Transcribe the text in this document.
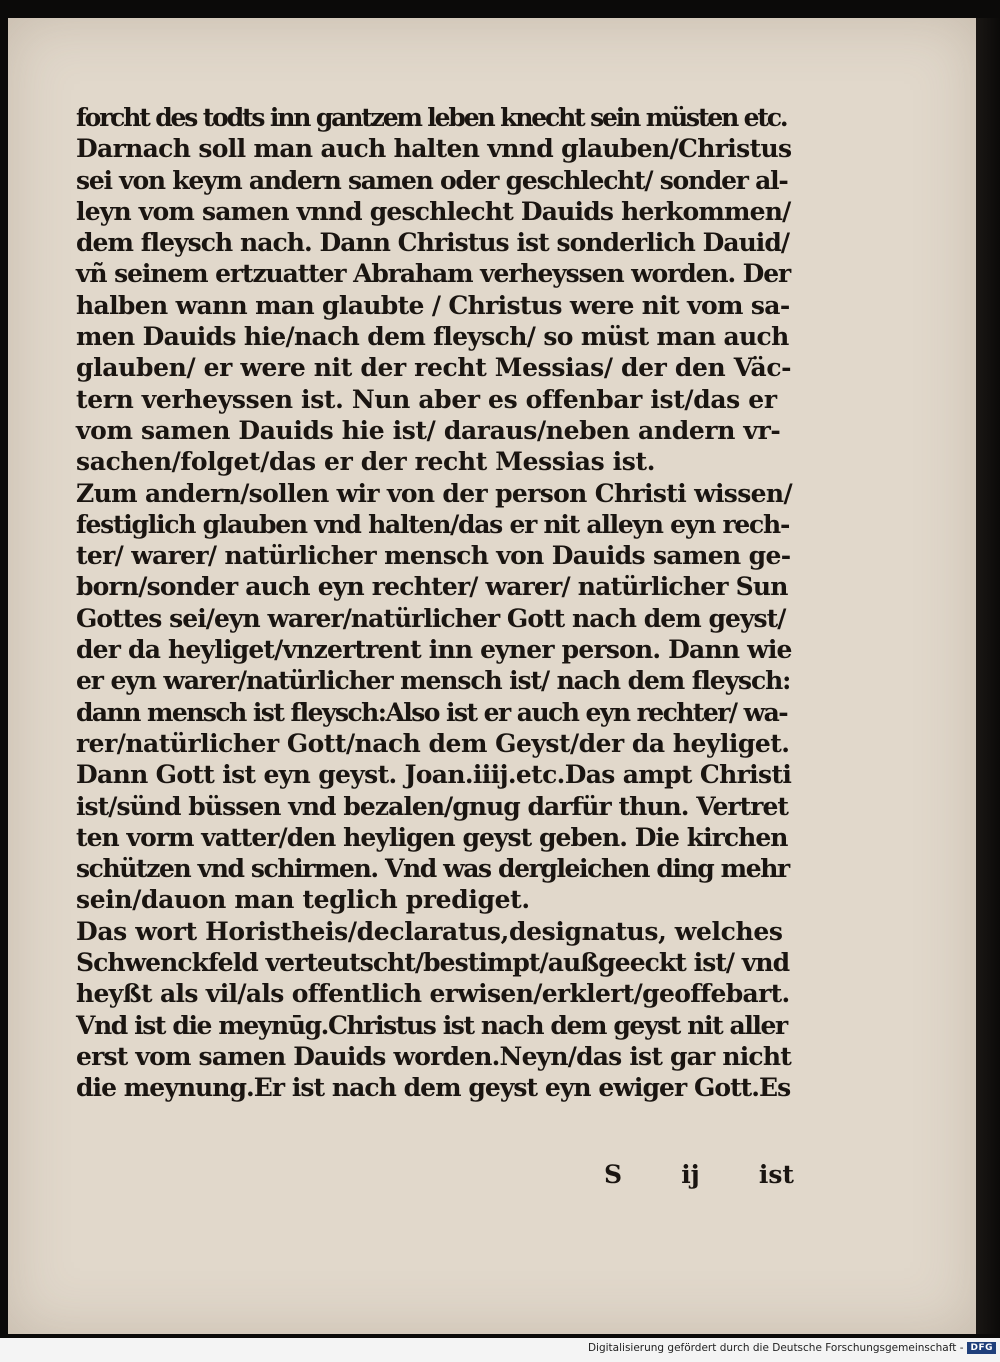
forcht des todts inn gantzem leben knecht sein müsten etc.
Darnach soll man auch halten vnnd glauben/Christus
sei von keym andern samen oder geschlecht/ sonder al-
leyn vom samen vnnd geschlecht Dauids herkommen/
dem fleysch nach. Dann Christus ist sonderlich Dauid/
vñ seinem ertzuatter Abraham verheyssen worden. Der
halben wann man glaubte / Christus were nit vom sa-
men Dauids hie/nach dem fleysch/ so müst man auch
glauben/ er were nit der recht Messias/ der den Väc-
tern verheyssen ist. Nun aber es offenbar ist/das er
vom samen Dauids hie ist/ daraus/neben andern vr-
sachen/folget/das er der recht Messias ist.
Zum andern/sollen wir von der person Christi wissen/
festiglich glauben vnd halten/das er nit alleyn eyn rech-
ter/ warer/ natürlicher mensch von Dauids samen ge-
born/sonder auch eyn rechter/ warer/ natürlicher Sun
Gottes sei/eyn warer/natürlicher Gott nach dem geyst/
der da heyliget/vnzertrent inn eyner person. Dann wie
er eyn warer/natürlicher mensch ist/ nach dem fleysch:
dann mensch ist fleysch:Also ist er auch eyn rechter/ wa-
rer/natürlicher Gott/nach dem Geyst/der da heyliget.
Dann Gott ist eyn geyst. Joan.iiij.etc.Das ampt Christi
ist/sünd büssen vnd bezalen/gnug darfür thun. Vertret
ten vorm vatter/den heyligen geyst geben. Die kirchen
schützen vnd schirmen. Vnd was dergleichen ding mehr
sein/dauon man teglich prediget.
Das wort Horistheis/declaratus,designatus, welches
Schwenckfeld verteutscht/bestimpt/außgeeckt ist/ vnd
heyßt als vil/als offentlich erwisen/erklert/geoffebart.
Vnd ist die meynūg.Christus ist nach dem geyst nit aller
erst vom samen Dauids worden.Neyn/das ist gar nicht
die meynung.Er ist nach dem geyst eyn ewiger Gott.Es
S ij ist
Digitalisierung gefördert durch die Deutsche Forschungsgemeinschaft - DFG
